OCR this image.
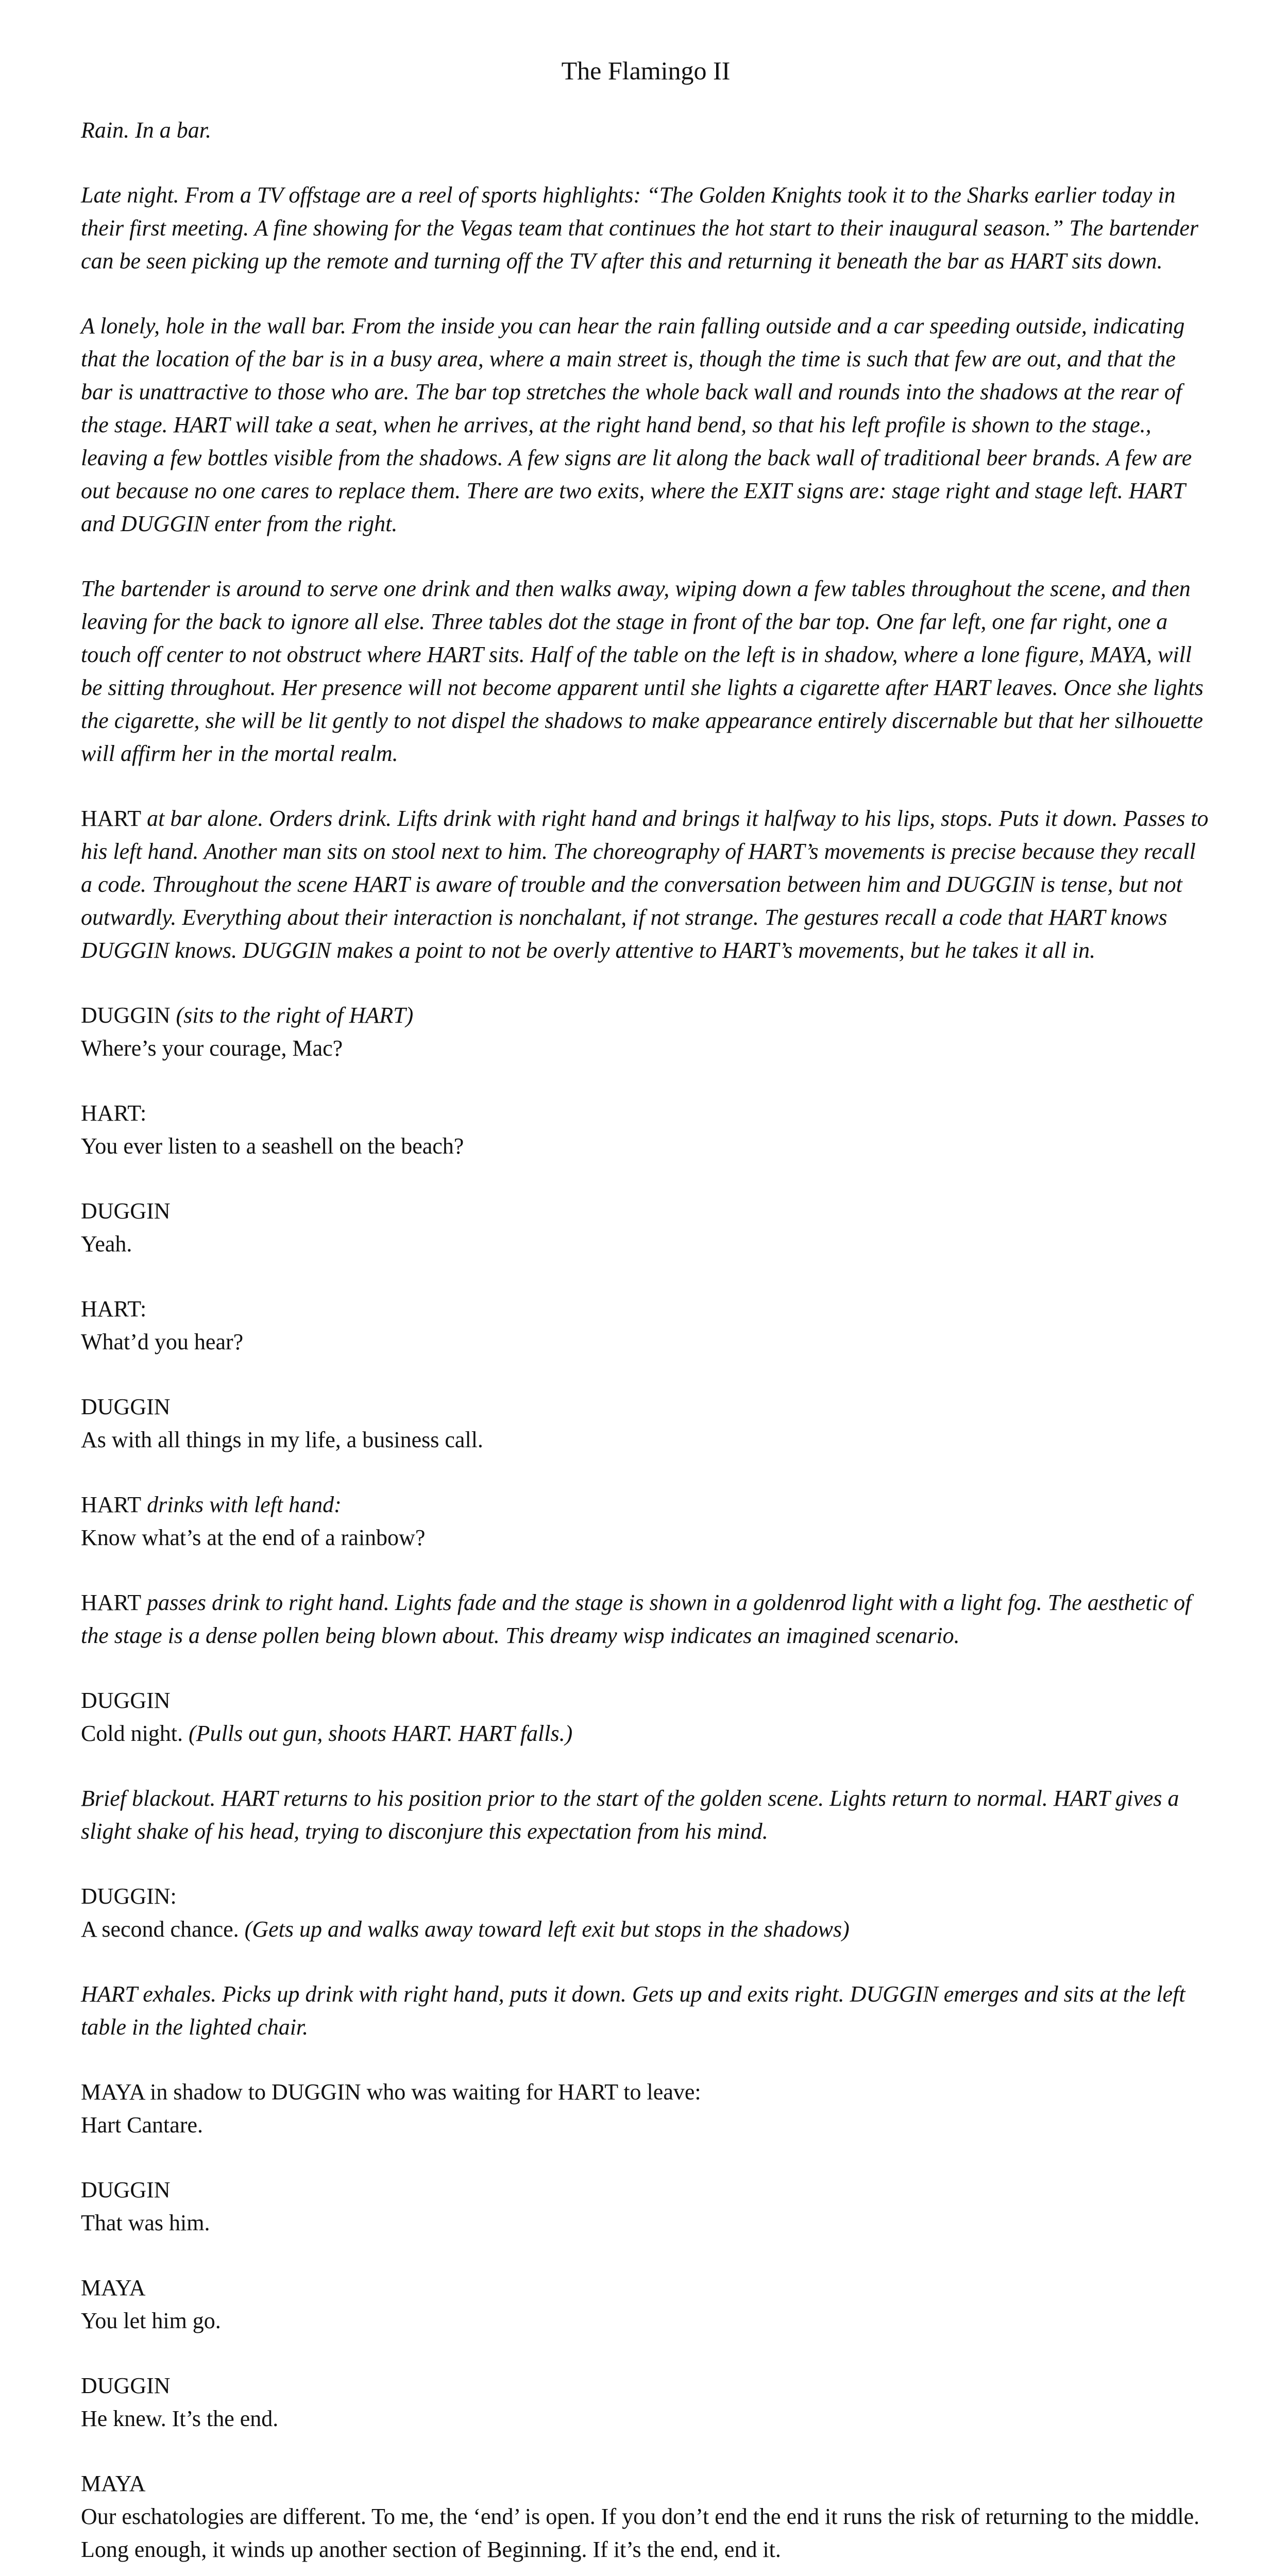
The Flamingo II

Rain. In a bar.

Late night. From a TV offstage are a reel of sports highlights: “The Golden Knights took it to the Sharks earlier today in their first meeting. A fine showing for the Vegas team that continues the hot start to their inaugural season.” The bartender can be seen picking up the remote and turning off the TV after this and returning it beneath the bar as HART sits down.

A lonely, hole in the wall bar. From the inside you can hear the rain falling outside and a car speeding outside, indicating that the location of the bar is in a busy area, where a main street is, though the time is such that few are out, and that the bar is unattractive to those who are. The bar top stretches the whole back wall and rounds into the shadows at the rear of the stage. HART will take a seat, when he arrives, at the right hand bend, so that his left profile is shown to the stage., leaving a few bottles visible from the shadows. A few signs are lit along the back wall of traditional beer brands. A few are out because no one cares to replace them. There are two exits, where the EXIT signs are: stage right and stage left. HART and DUGGIN enter from the right.

The bartender is around to serve one drink and then walks away, wiping down a few tables throughout the scene, and then leaving for the back to ignore all else. Three tables dot the stage in front of the bar top. One far left, one far right, one a touch off center to not obstruct where HART sits. Half of the table on the left is in shadow, where a lone figure, MAYA, will be sitting throughout. Her presence will not become apparent until she lights a cigarette after HART leaves. Once she lights the cigarette, she will be lit gently to not dispel the shadows to make appearance entirely discernable but that her silhouette will affirm her in the mortal realm.

HART at bar alone. Orders drink. Lifts drink with right hand and brings it halfway to his lips, stops. Puts it down. Passes to his left hand. Another man sits on stool next to him. The choreography of HART’s movements is precise because they recall a code. Throughout the scene HART is aware of trouble and the conversation between him and DUGGIN is tense, but not outwardly. Everything about their interaction is nonchalant, if not strange. The gestures recall a code that HART knows DUGGIN knows. DUGGIN makes a point to not be overly attentive to HART’s movements, but he takes it all in.

DUGGIN (sits to the right of HART)
Where’s your courage, Mac?

HART:
You ever listen to a seashell on the beach?

DUGGIN
Yeah.

HART:
What’d you hear?

DUGGIN
As with all things in my life, a business call.

HART drinks with left hand:
Know what’s at the end of a rainbow?

HART passes drink to right hand. Lights fade and the stage is shown in a goldenrod light with a light fog. The aesthetic of the stage is a dense pollen being blown about. This dreamy wisp indicates an imagined scenario.

DUGGIN
Cold night. (Pulls out gun, shoots HART. HART falls.)

Brief blackout. HART returns to his position prior to the start of the golden scene. Lights return to normal. HART gives a slight shake of his head, trying to disconjure this expectation from his mind.

DUGGIN:
A second chance. (Gets up and walks away toward left exit but stops in the shadows)

HART exhales. Picks up drink with right hand, puts it down. Gets up and exits right. DUGGIN emerges and sits at the left table in the lighted chair.

MAYA in shadow to DUGGIN who was waiting for HART to leave:
Hart Cantare.

DUGGIN
That was him.

MAYA
You let him go.

DUGGIN
He knew. It’s the end.

MAYA
Our eschatologies are different. To me, the ‘end’ is open. If you don’t end the end it runs the risk of returning to the middle. Long enough, it winds up another section of Beginning. If it’s the end, end it.
